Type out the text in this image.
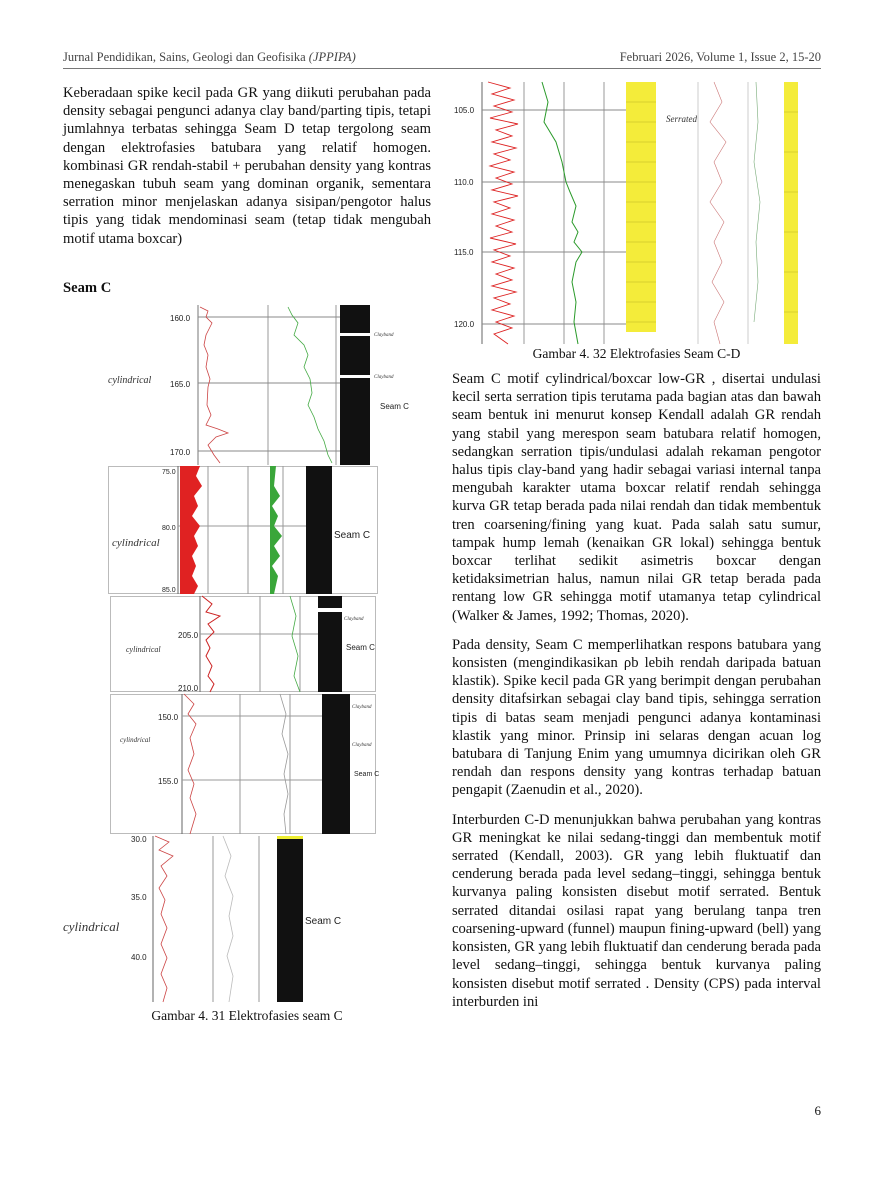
Jurnal Pendidikan, Sains, Geologi dan Geofisika (JPPIPA)	Februari 2026, Volume 1, Issue 2, 15-20

Keberadaan spike kecil pada GR yang diikuti perubahan pada density sebagai pengunci adanya clay band/parting tipis, tetapi jumlahnya terbatas sehingga Seam D tetap tergolong seam dengan elektrofasies batubara yang relatif homogen. kombinasi GR rendah-stabil + perubahan density yang kontras menegaskan tubuh seam yang dominan organik, sementara serration minor menjelaskan adanya sisipan/pengotor halus tipis yang tidak mendominasi seam (tetap tidak mengubah motif utama boxcar)

Seam C
160.0
165.0
170.0
Clayband
Clayband
cylindrical
Seam C
75.0
80.0
85.0
cylindrical
Seam C
205.0
210.0
Clayband
cylindrical	Seam C
150.0
155.0
Clayband
Clayband
cylindrical
Seam C
30.0
35.0
40.0
cylindrical	Seam C
Gambar 4. 31 Elektrofasies seam C
105.0
110.0
115.0
120.0
Serrated
Gambar 4. 32 Elektrofasies Seam C-D

Seam C motif cylindrical/boxcar low-GR , disertai undulasi kecil serta serration tipis terutama pada bagian atas dan bawah seam bentuk ini menurut konsep Kendall adalah GR rendah yang stabil yang merespon seam batubara relatif homogen, sedangkan serration tipis/undulasi adalah rekaman pengotor halus tipis clay-band yang hadir sebagai variasi internal tanpa mengubah karakter utama boxcar relatif rendah sehingga kurva GR tetap berada pada nilai rendah dan tidak membentuk tren coarsening/fining yang kuat. Pada salah satu sumur, tampak hump lemah (kenaikan GR lokal) sehingga bentuk boxcar terlihat sedikit asimetris boxcar dengan ketidaksimetrian halus, namun nilai GR tetap berada pada rentang low GR sehingga motif utamanya tetap cylindrical (Walker & James, 1992; Thomas, 2020).

Pada density, Seam C memperlihatkan respons batubara yang konsisten (mengindikasikan ρb lebih rendah daripada batuan klastik). Spike kecil pada GR yang berimpit dengan perubahan density ditafsirkan sebagai clay band tipis, sehingga serration tipis di batas seam menjadi pengunci adanya kontaminasi klastik yang minor. Prinsip ini selaras dengan acuan log batubara di Tanjung Enim yang umumnya dicirikan oleh GR rendah dan respons density yang kontras terhadap batuan pengapit (Zaenudin et al., 2020).

Interburden C-D menunjukkan bahwa perubahan yang kontras GR meningkat ke nilai sedang-tinggi dan membentuk motif serrated (Kendall, 2003). GR yang lebih fluktuatif dan cenderung berada pada level sedang–tinggi, sehingga bentuk kurvanya paling konsisten disebut motif serrated. Bentuk serrated ditandai osilasi rapat yang berulang tanpa tren coarsening-upward (funnel) maupun fining-upward (bell) yang konsisten, GR yang lebih fluktuatif dan cenderung berada pada level sedang–tinggi, sehingga bentuk kurvanya paling konsisten disebut motif serrated . Density (CPS) pada interval interburden ini

6
